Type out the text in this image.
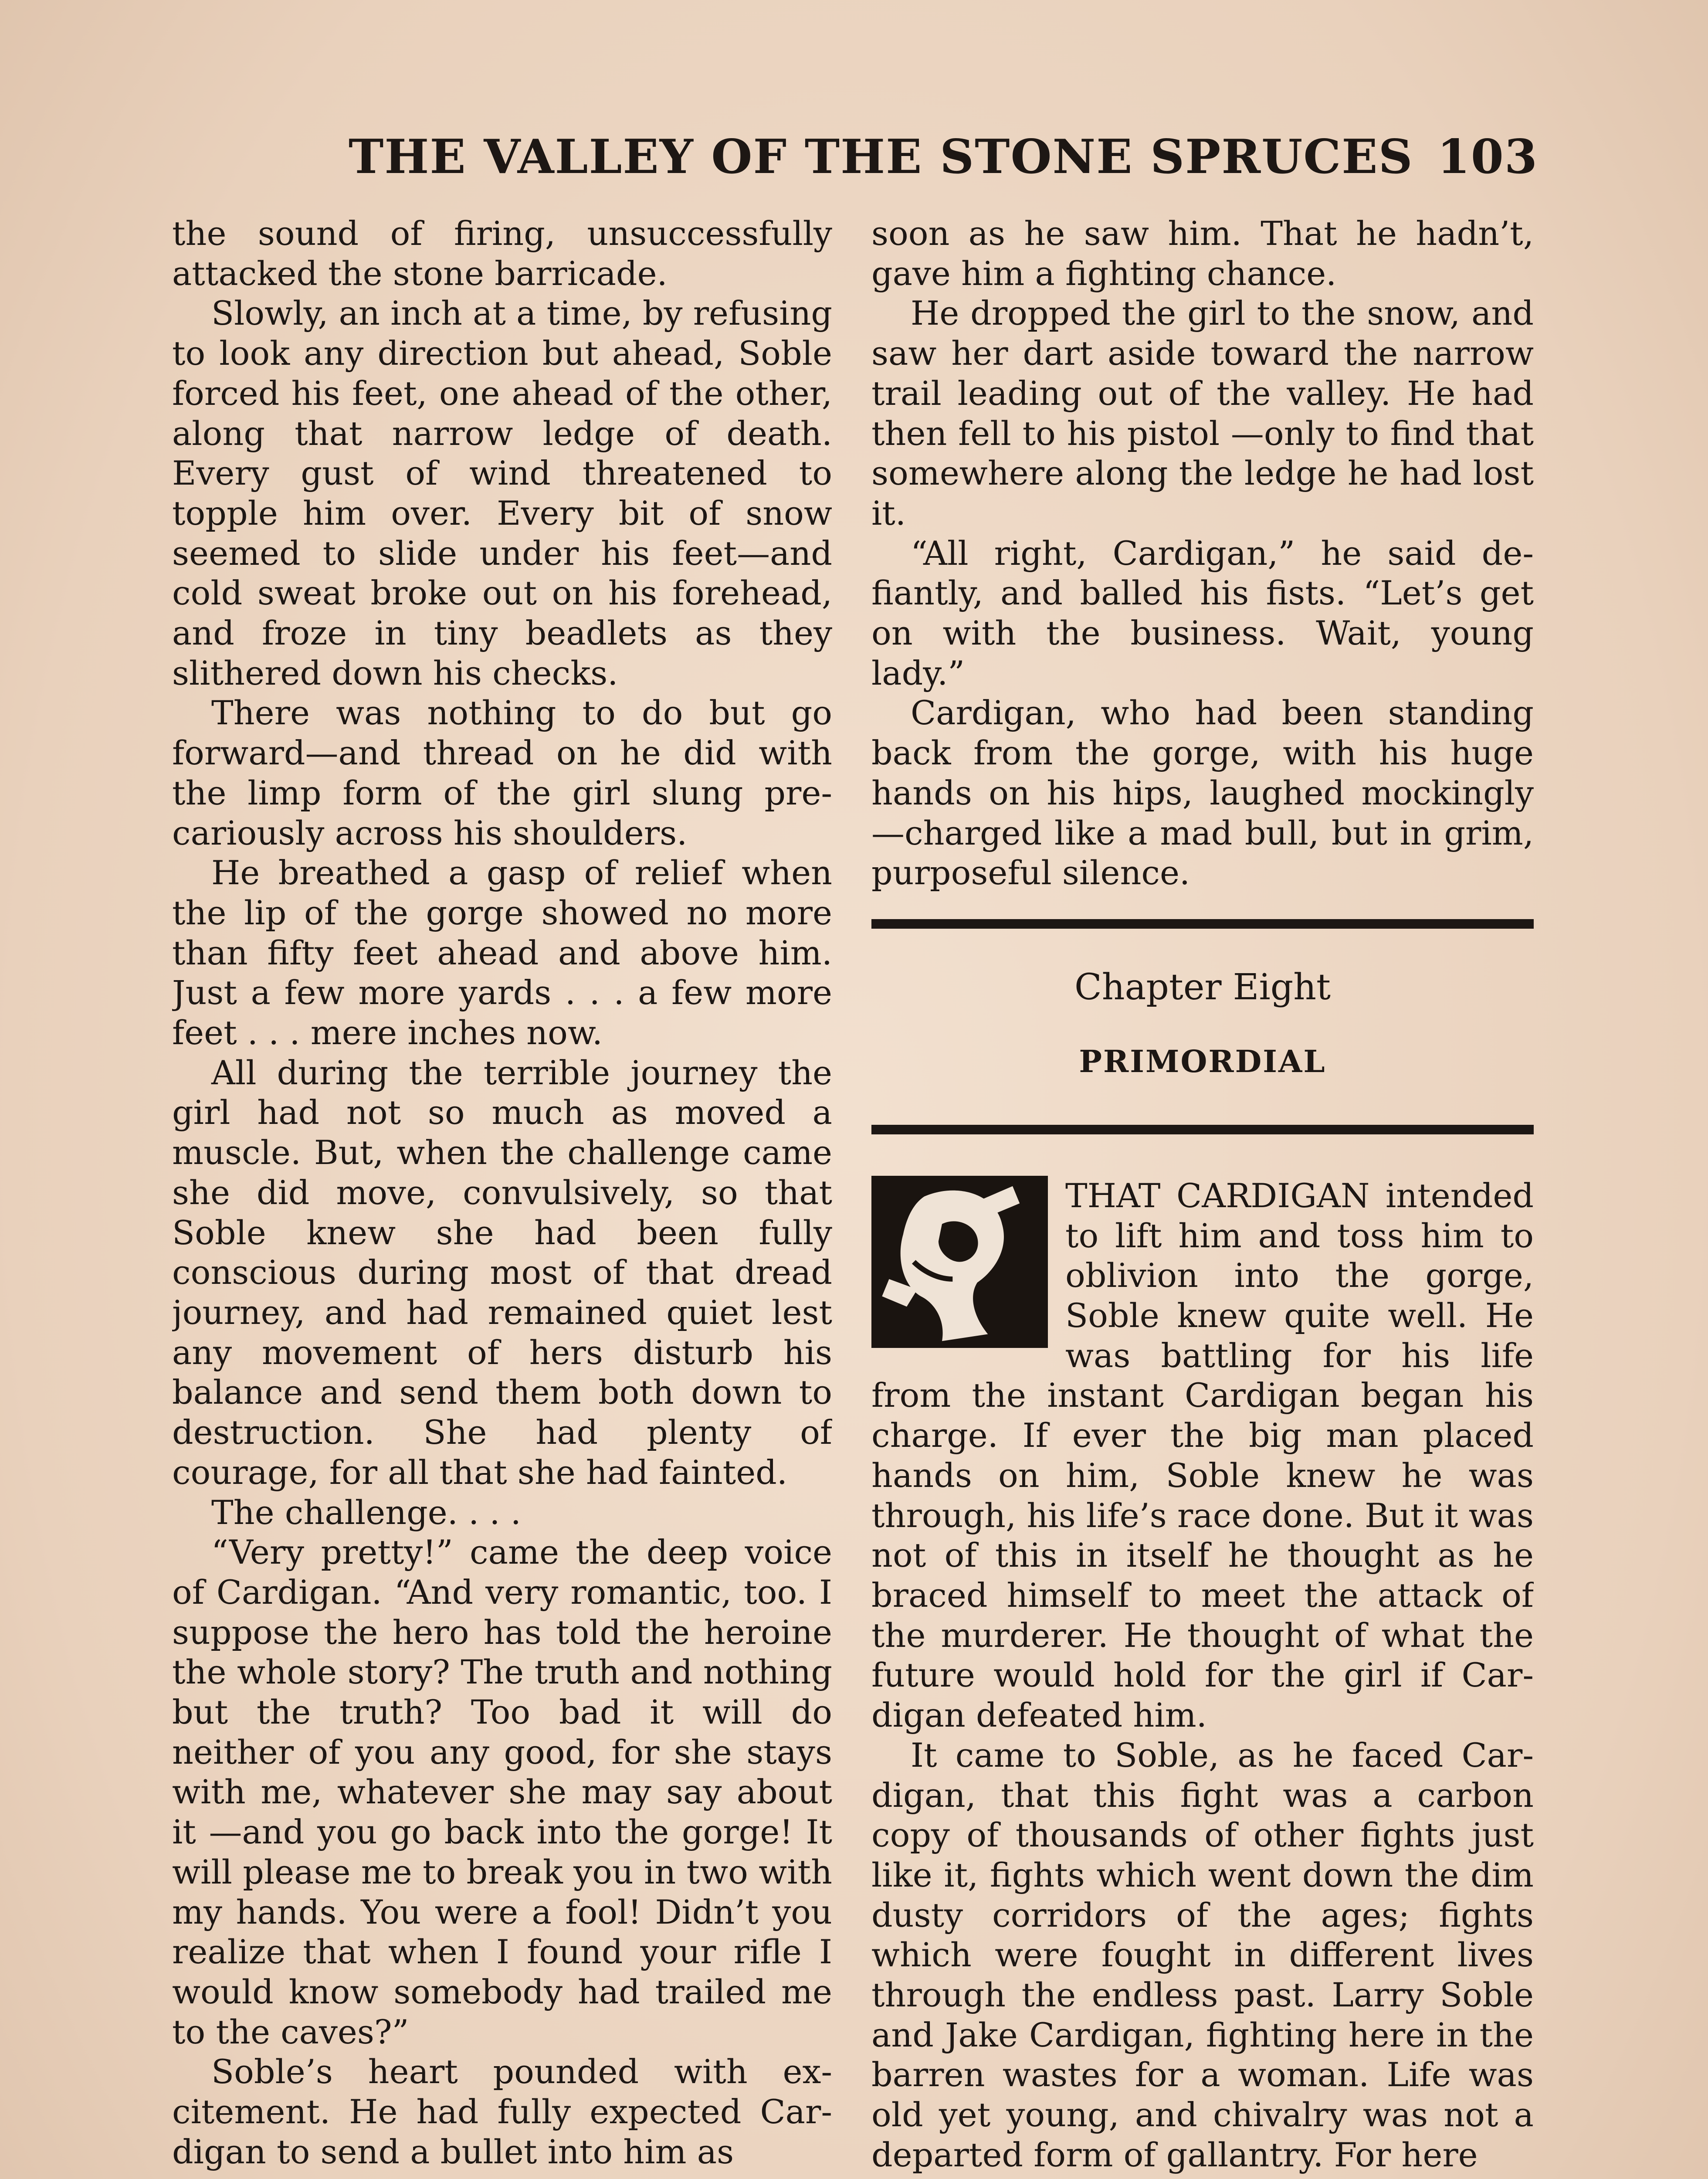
THE VALLEY OF THE STONE SPRUCES 103

the sound of firing, unsuccessfully attacked the stone barricade.

Slowly, an inch at a time, by refusing to look any direction but ahead, Soble forced his feet, one ahead of the other, along that narrow ledge of death. Every gust of wind threatened to topple him over. Every bit of snow seemed to slide under his feet—and cold sweat broke out on his forehead, and froze in tiny beadlets as they slithered down his checks.

There was nothing to do but go forward—and thread on he did with the limp form of the girl slung precariously across his shoulders.

He breathed a gasp of relief when the lip of the gorge showed no more than fifty feet ahead and above him. Just a few more yards . . . a few more feet . . . mere inches now.

All during the terrible journey the girl had not so much as moved a muscle. But, when the challenge came she did move, convulsively, so that Soble knew she had been fully conscious during most of that dread journey, and had remained quiet lest any movement of hers disturb his balance and send them both down to destruction. She had plenty of courage, for all that she had fainted.

The challenge. . . .

“Very pretty!” came the deep voice of Cardigan. “And very romantic, too. I suppose the hero has told the heroine the whole story? The truth and nothing but the truth? Too bad it will do neither of you any good, for she stays with me, whatever she may say about it —and you go back into the gorge! It will please me to break you in two with my hands. You were a fool! Didn’t you realize that when I found your rifle I would know somebody had trailed me to the caves?”

Soble’s heart pounded with excitement. He had fully expected Cardigan to send a bullet into him as

soon as he saw him. That he hadn’t, gave him a fighting chance.

He dropped the girl to the snow, and saw her dart aside toward the narrow trail leading out of the valley. He had then fell to his pistol —only to find that somewhere along the ledge he had lost it.

“All right, Cardigan,” he said defiantly, and balled his fists. “Let’s get on with the business. Wait, young lady.”

Cardigan, who had been standing back from the gorge, with his huge hands on his hips, laughed mockingly—charged like a mad bull, but in grim, purposeful silence.

Chapter Eight
PRIMORDIAL

THAT CARDIGAN intended to lift him and toss him to oblivion into the gorge, Soble knew quite well. He was battling for his life from the instant Cardigan began his charge. If ever the big man placed hands on him, Soble knew he was through, his life’s race done. But it was not of this in itself he thought as he braced himself to meet the attack of the murderer. He thought of what the future would hold for the girl if Cardigan defeated him.

It came to Soble, as he faced Cardigan, that this fight was a carbon copy of thousands of other fights just like it, fights which went down the dim dusty corridors of the ages; fights which were fought in different lives through the endless past. Larry Soble and Jake Cardigan, fighting here in the barren wastes for a woman. Life was old yet young, and chivalry was not a departed form of gallantry. For here
